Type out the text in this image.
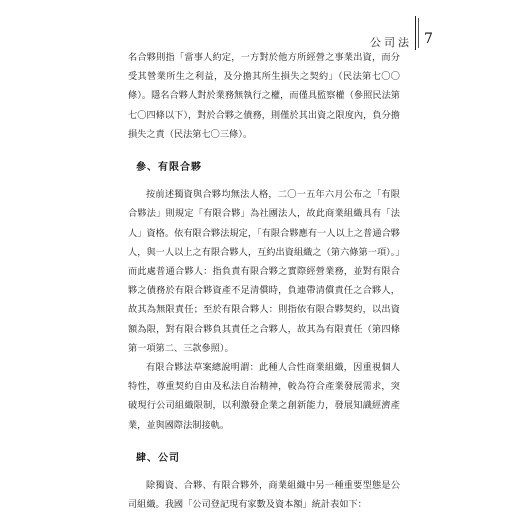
公司法 7

名合夥則指「當事人約定，一方對於他方所經營之事業出資，而分受其營業所生之利益，及分擔其所生損失之契約」（民法第七〇〇條）。隱名合夥人對於業務無執行之權，而僅具監察權（參照民法第七〇四條以下），對於合夥之債務，則僅於其出資之限度內，負分擔損失之責（民法第七〇三條）。

參、有限合夥

按前述獨資與合夥均無法人格，二〇一五年六月公布之「有限合夥法」則規定「有限合夥」為社團法人，故此商業組織具有「法人」資格。依有限合夥法規定，「有限合夥應有一人以上之普通合夥人，與一人以上之有限合夥人，互約出資組織之（第六條第一項）。」而此處普通合夥人：指負責有限合夥之實際經營業務，並對有限合夥之債務於有限合夥資產不足清償時，負連帶清償責任之合夥人，故其為無限責任；至於有限合夥人：則指依有限合夥契約，以出資額為限，對有限合夥負其責任之合夥人，故其為有限責任（第四條第一項第二、三款參照）。

有限合夥法草案總說明謂：此種人合性商業組織，因重視個人特性，尊重契約自由及私法自治精神，較為符合產業發展需求，突破現行公司組織限制，以利激發企業之創新能力，發展知識經濟產業，並與國際法制接軌。

肆、公司

除獨資、合夥、有限合夥外，商業組織中另一種重要型態是公司組織。我國「公司登記現有家數及資本額」統計表如下：
